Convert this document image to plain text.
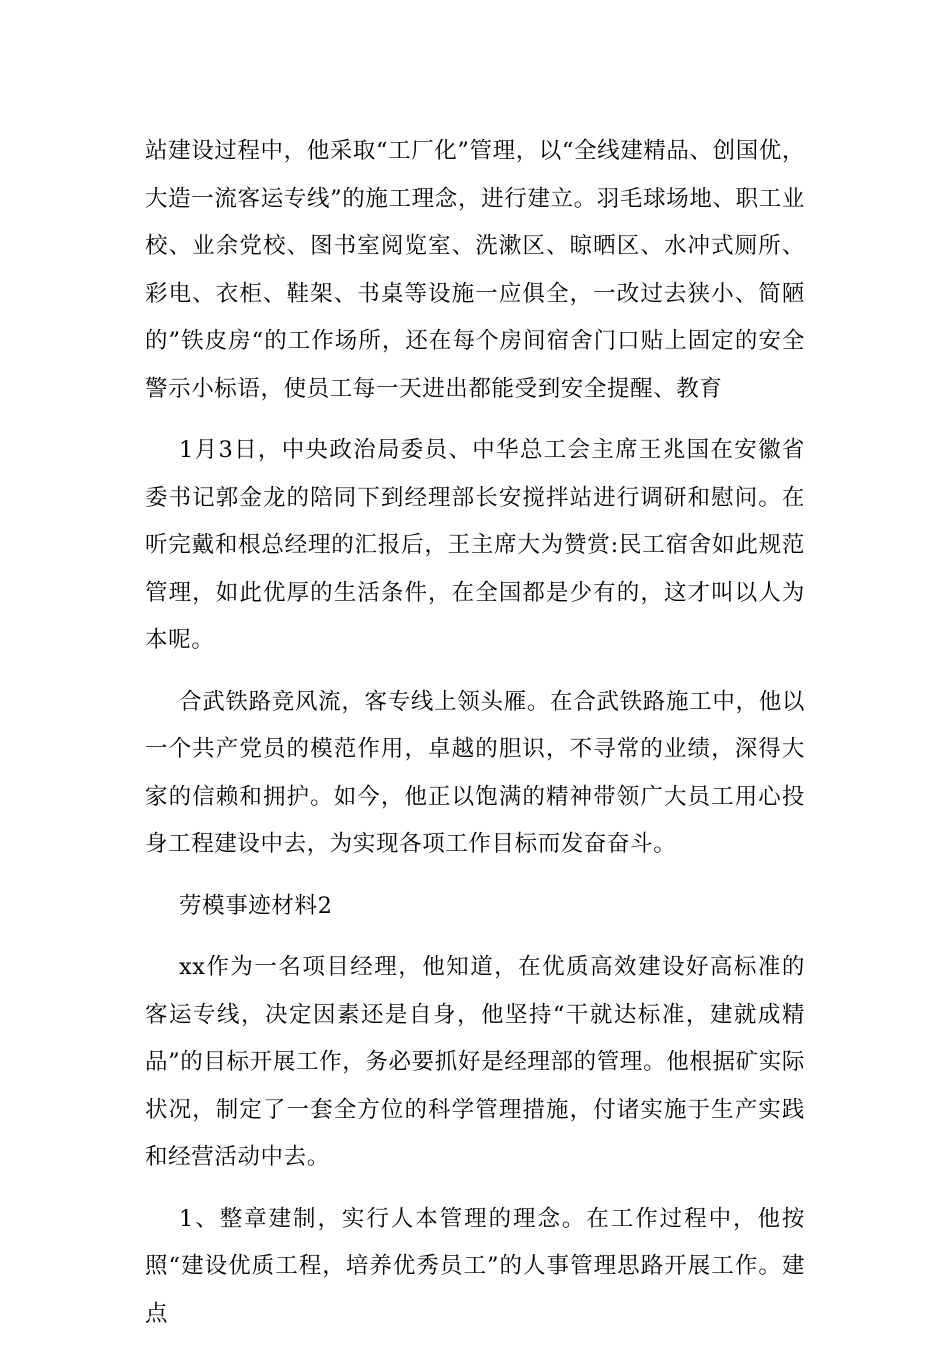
站建设过程中，他采取“工厂化”管理，以“全线建精品、创国优，大造一流客运专线”的施工理念，进行建立。羽毛球场地、职工业校、业余党校、图书室阅览室、洗漱区、晾晒区、水冲式厕所、彩电、衣柜、鞋架、书桌等设施一应俱全，一改过去狭小、简陋的”铁皮房“的工作场所，还在每个房间宿舍门口贴上固定的安全警示小标语，使员工每一天进出都能受到安全提醒、教育

1月3日，中央政治局委员、中华总工会主席王兆国在安徽省委书记郭金龙的陪同下到经理部长安搅拌站进行调研和慰问。在听完戴和根总经理的汇报后，王主席大为赞赏:民工宿舍如此规范管理，如此优厚的生活条件，在全国都是少有的，这才叫以人为本呢。

合武铁路竞风流，客专线上领头雁。在合武铁路施工中，他以一个共产党员的模范作用，卓越的胆识，不寻常的业绩，深得大家的信赖和拥护。如今，他正以饱满的精神带领广大员工用心投身工程建设中去，为实现各项工作目标而发奋奋斗。

劳模事迹材料2

xx作为一名项目经理，他知道，在优质高效建设好高标准的客运专线，决定因素还是自身，他坚持“干就达标准，建就成精品”的目标开展工作，务必要抓好是经理部的管理。他根据矿实际状况，制定了一套全方位的科学管理措施，付诸实施于生产实践和经营活动中去。

1、整章建制，实行人本管理的理念。在工作过程中，他按照“建设优质工程，培养优秀员工”的人事管理思路开展工作。建点
